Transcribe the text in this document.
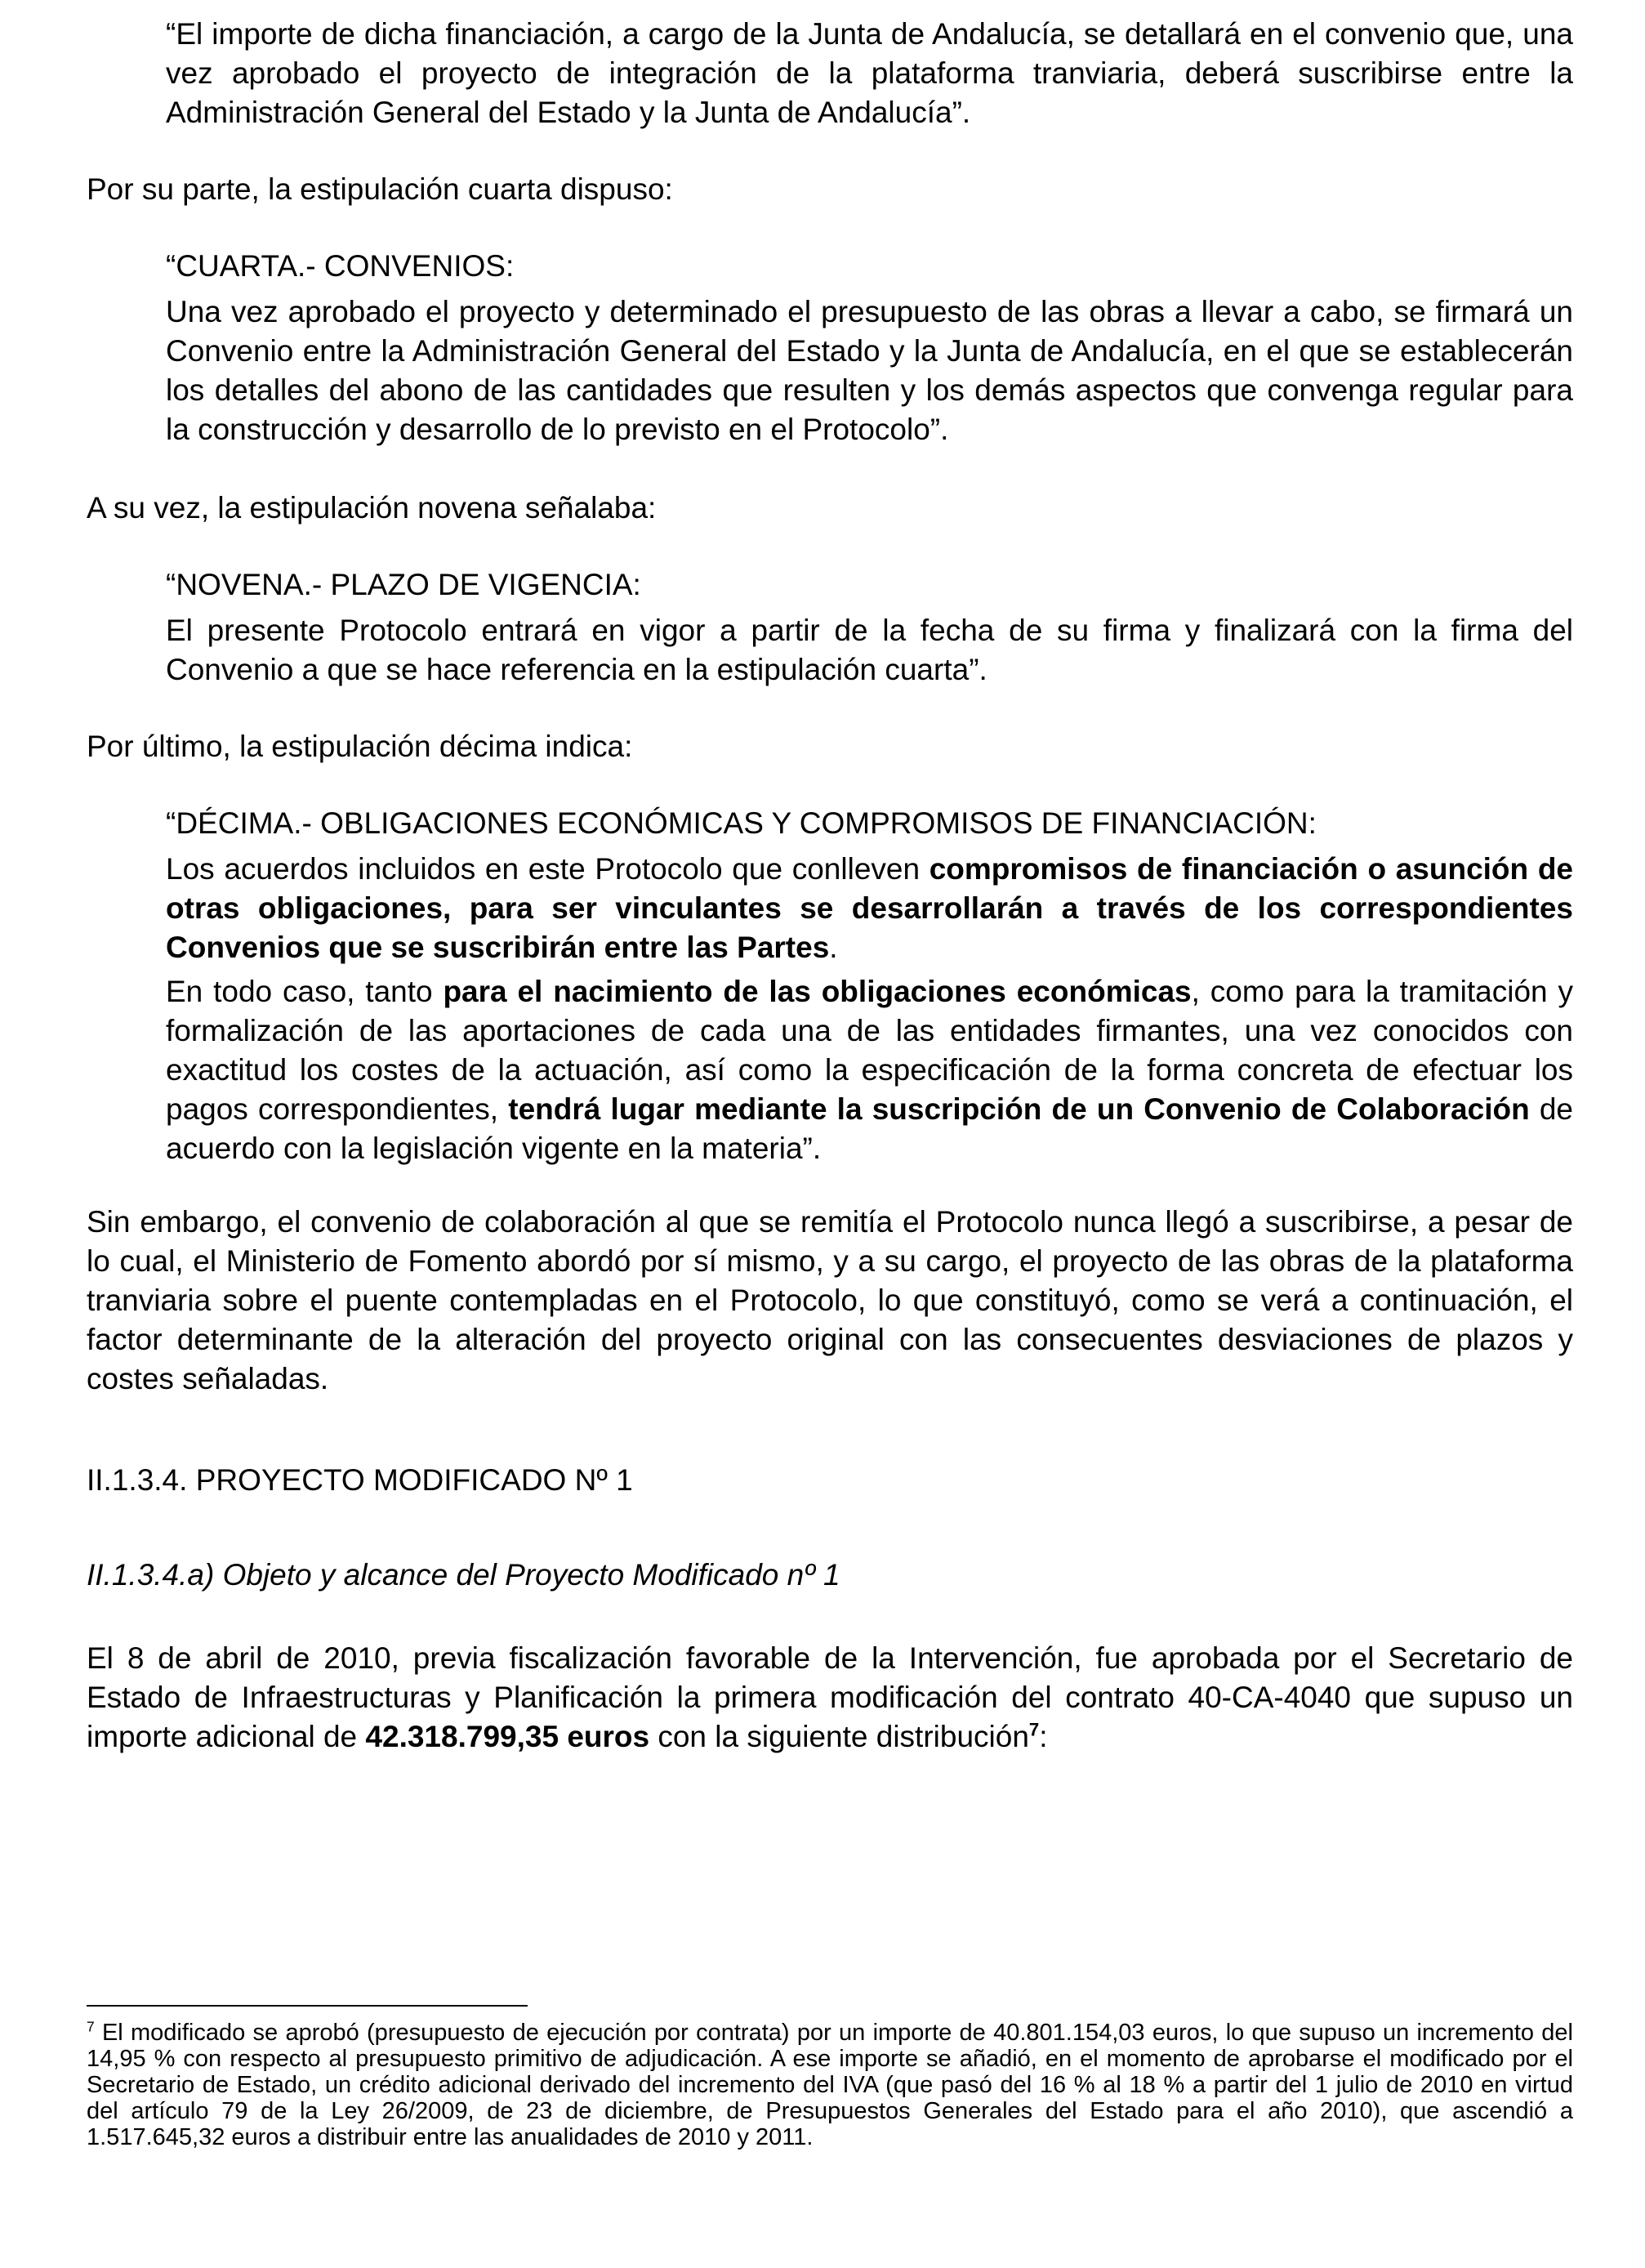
“El importe de dicha financiación, a cargo de la Junta de Andalucía, se detallará en el convenio que, una vez aprobado el proyecto de integración de la plataforma tranviaria, deberá suscribirse entre la Administración General del Estado y la Junta de Andalucía”.

Por su parte, la estipulación cuarta dispuso:

“CUARTA.- CONVENIOS:

Una vez aprobado el proyecto y determinado el presupuesto de las obras a llevar a cabo, se firmará un Convenio entre la Administración General del Estado y la Junta de Andalucía, en el que se establecerán los detalles del abono de las cantidades que resulten y los demás aspectos que convenga regular para la construcción y desarrollo de lo previsto en el Protocolo”.

A su vez, la estipulación novena señalaba:

“NOVENA.- PLAZO DE VIGENCIA:

El presente Protocolo entrará en vigor a partir de la fecha de su firma y finalizará con la firma del Convenio a que se hace referencia en la estipulación cuarta”.

Por último, la estipulación décima indica:

“DÉCIMA.- OBLIGACIONES ECONÓMICAS Y COMPROMISOS DE FINANCIACIÓN:

Los acuerdos incluidos en este Protocolo que conlleven compromisos de financiación o asunción de otras obligaciones, para ser vinculantes se desarrollarán a través de los correspondientes Convenios que se suscribirán entre las Partes.

En todo caso, tanto para el nacimiento de las obligaciones económicas, como para la tramitación y formalización de las aportaciones de cada una de las entidades firmantes, una vez conocidos con exactitud los costes de la actuación, así como la especificación de la forma concreta de efectuar los pagos correspondientes, tendrá lugar mediante la suscripción de un Convenio de Colaboración de acuerdo con la legislación vigente en la materia”.

Sin embargo, el convenio de colaboración al que se remitía el Protocolo nunca llegó a suscribirse, a pesar de lo cual, el Ministerio de Fomento abordó por sí mismo, y a su cargo, el proyecto de las obras de la plataforma tranviaria sobre el puente contempladas en el Protocolo, lo que constituyó, como se verá a continuación, el factor determinante de la alteración del proyecto original con las consecuentes desviaciones de plazos y costes señaladas.

II.1.3.4. PROYECTO MODIFICADO Nº 1

II.1.3.4.a) Objeto y alcance del Proyecto Modificado nº 1

El 8 de abril de 2010, previa fiscalización favorable de la Intervención, fue aprobada por el Secretario de Estado de Infraestructuras y Planificación la primera modificación del contrato 40-CA-4040 que supuso un importe adicional de 42.318.799,35 euros con la siguiente distribución$^7$:

$^7$ El modificado se aprobó (presupuesto de ejecución por contrata) por un importe de 40.801.154,03 euros, lo que supuso un incremento del 14,95 % con respecto al presupuesto primitivo de adjudicación. A ese importe se añadió, en el momento de aprobarse el modificado por el Secretario de Estado, un crédito adicional derivado del incremento del IVA (que pasó del 16 % al 18 % a partir del 1 julio de 2010 en virtud del artículo 79 de la Ley 26/2009, de 23 de diciembre, de Presupuestos Generales del Estado para el año 2010), que ascendió a 1.517.645,32 euros a distribuir entre las anualidades de 2010 y 2011.
